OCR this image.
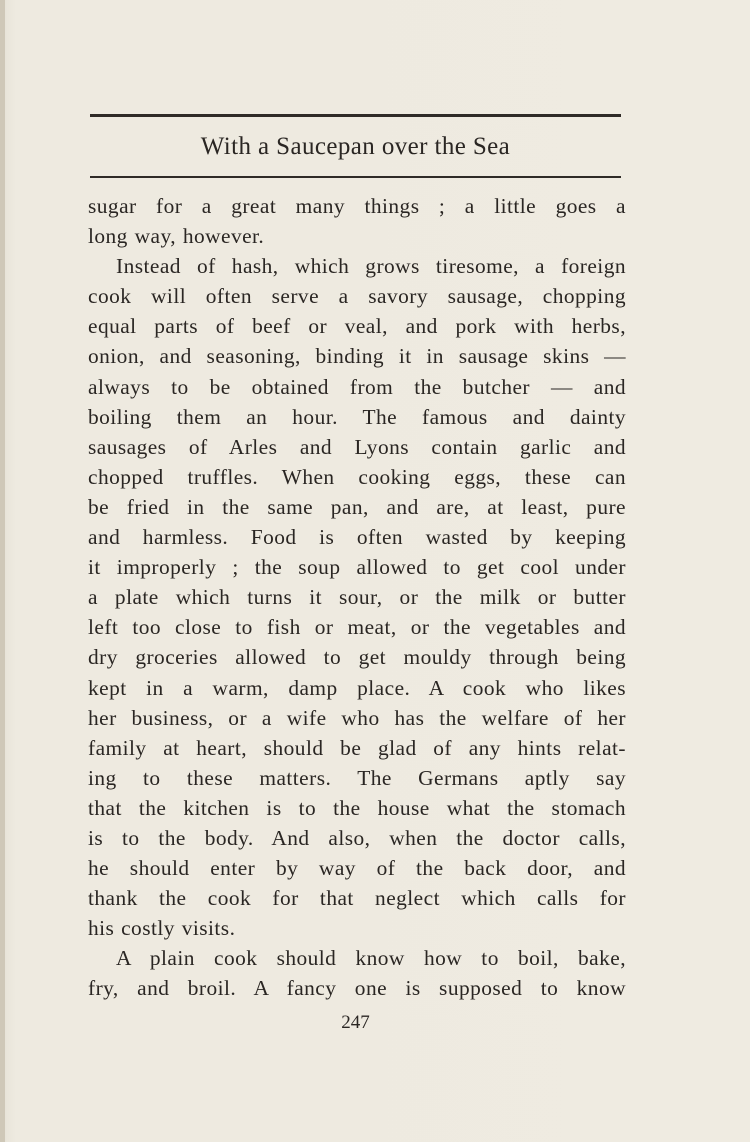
With a Saucepan over the Sea

sugar for a great many things ; a little goes a
long way, however.

Instead of hash, which grows tiresome, a foreign
cook will often serve a savory sausage, chopping
equal parts of beef or veal, and pork with herbs,
onion, and seasoning, binding it in sausage skins —
always to be obtained from the butcher — and
boiling them an hour. The famous and dainty
sausages of Arles and Lyons contain garlic and
chopped truffles. When cooking eggs, these can
be fried in the same pan, and are, at least, pure
and harmless. Food is often wasted by keeping
it improperly ; the soup allowed to get cool under
a plate which turns it sour, or the milk or butter
left too close to fish or meat, or the vegetables and
dry groceries allowed to get mouldy through being
kept in a warm, damp place. A cook who likes
her business, or a wife who has the welfare of her
family at heart, should be glad of any hints relat-
ing to these matters. The Germans aptly say
that the kitchen is to the house what the stomach
is to the body. And also, when the doctor calls,
he should enter by way of the back door, and
thank the cook for that neglect which calls for
his costly visits.

A plain cook should know how to boil, bake,
fry, and broil. A fancy one is supposed to know

247
